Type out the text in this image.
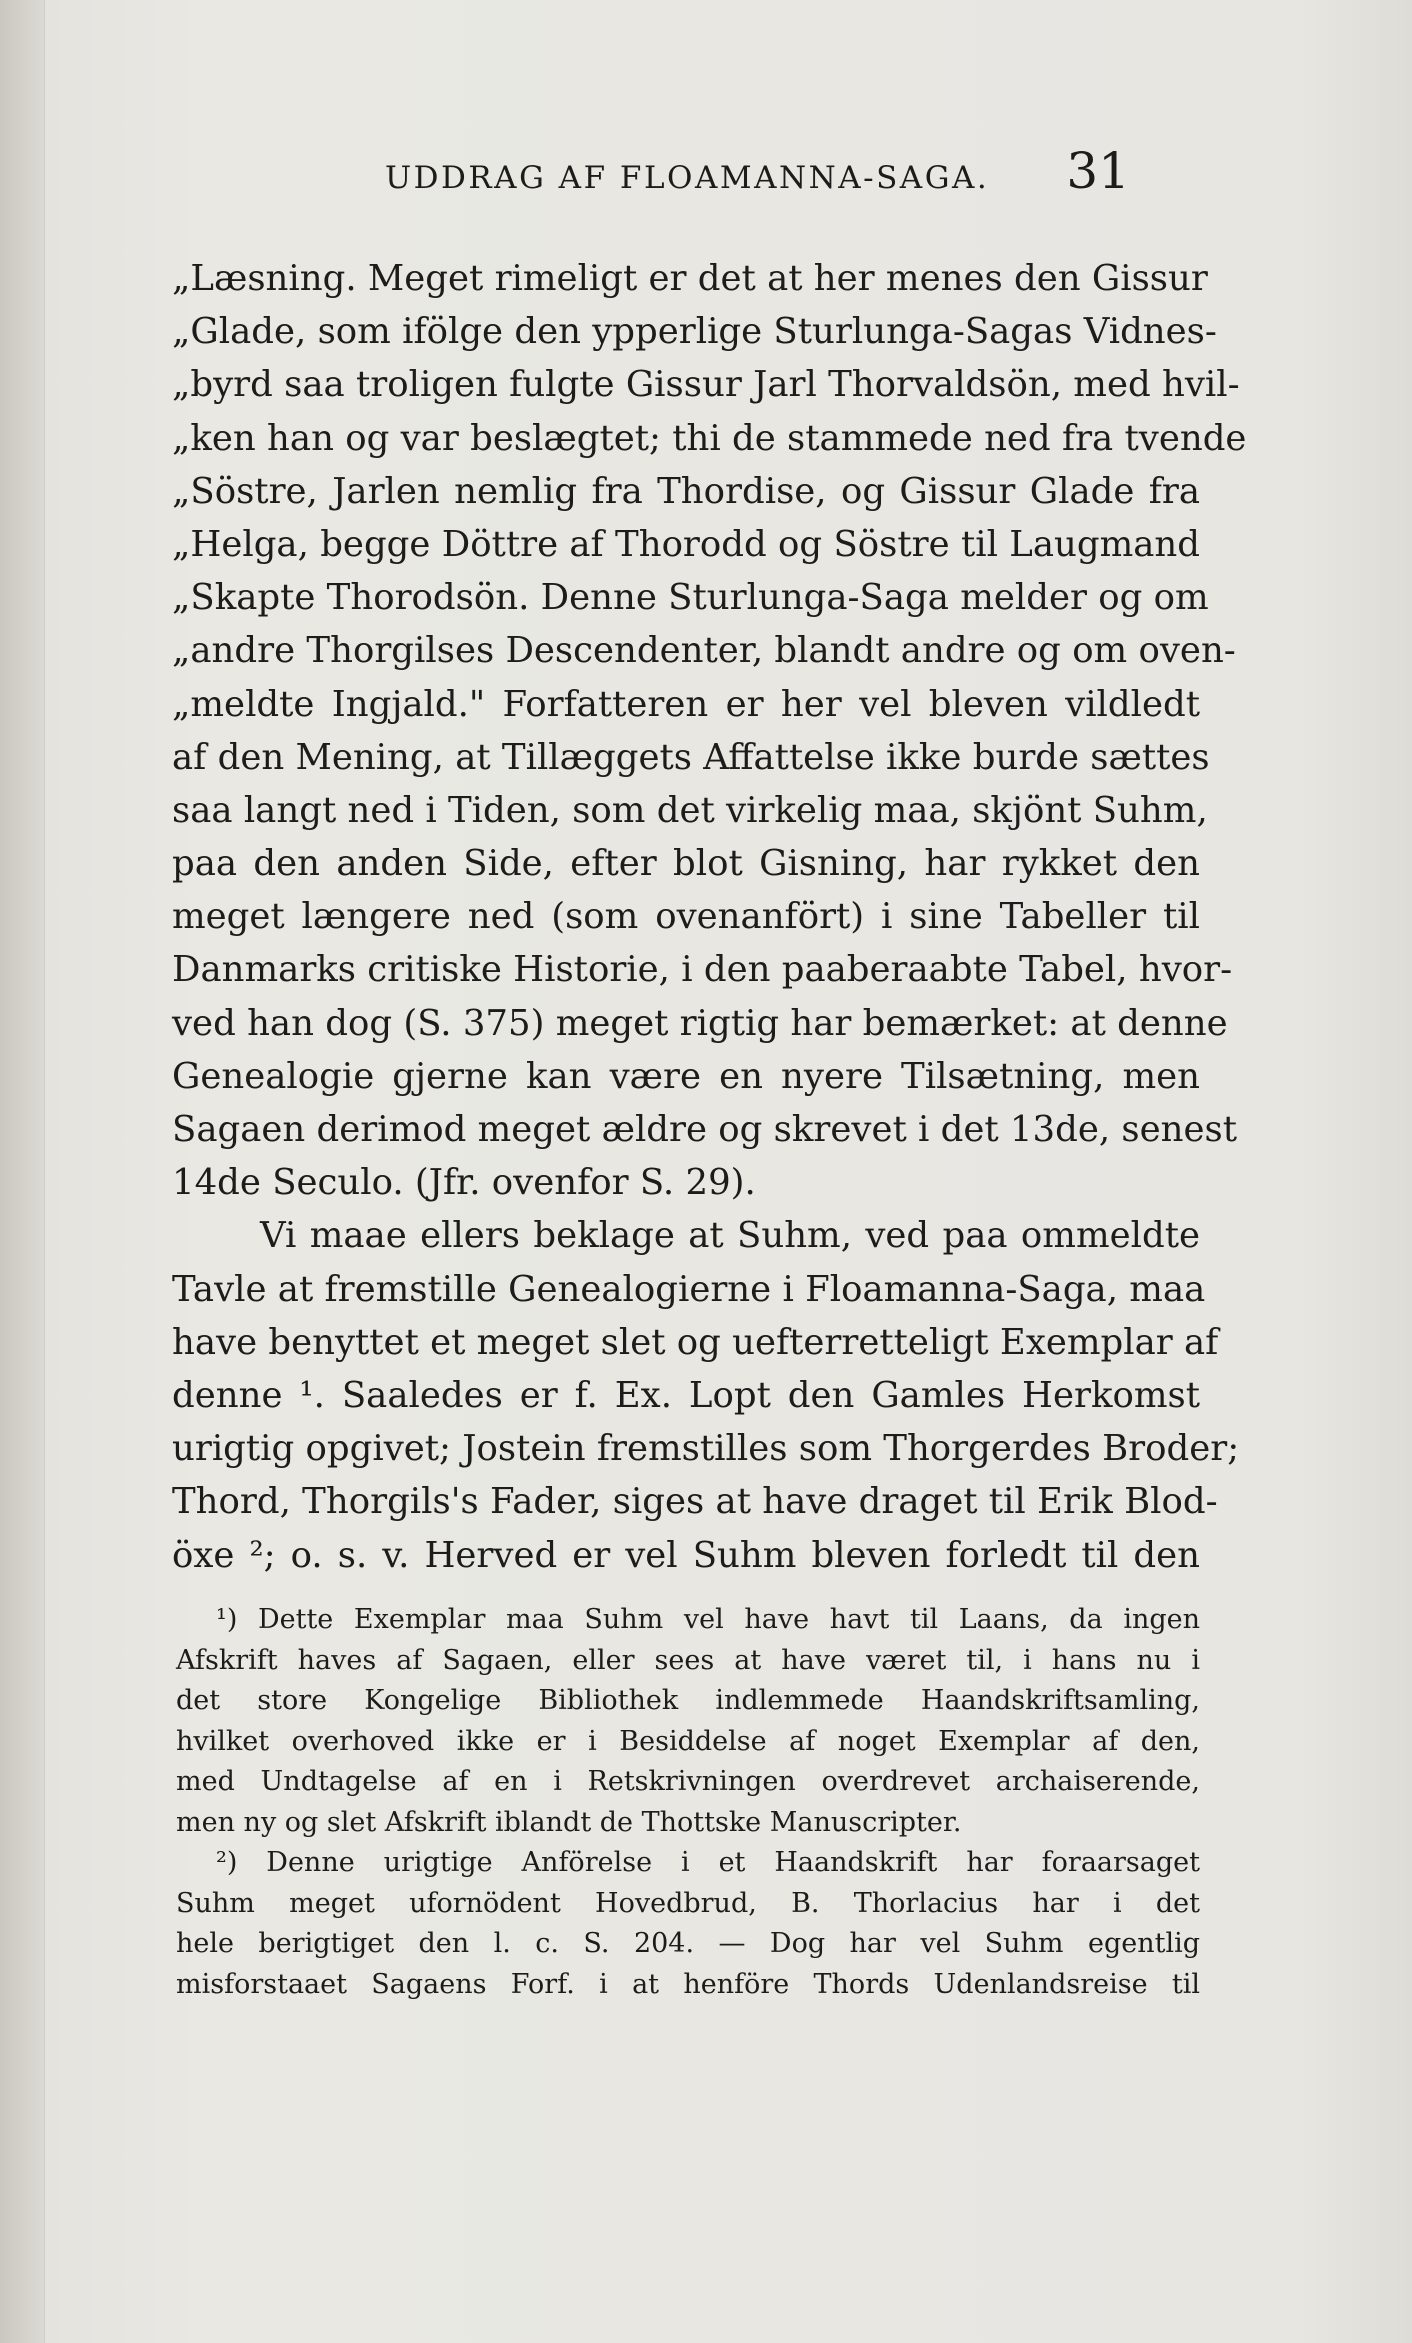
UDDRAG AF FLOAMANNA-SAGA. 31
„Læsning. Meget rimeligt er det at her menes den Gissur
„Glade, som ifölge den ypperlige Sturlunga-Sagas Vidnes-
„byrd saa troligen fulgte Gissur Jarl Thorvaldsön, med hvil-
„ken han og var beslægtet; thi de stammede ned fra tvende
„Söstre, Jarlen nemlig fra Thordise, og Gissur Glade fra
„Helga, begge Döttre af Thorodd og Söstre til Laugmand
„Skapte Thorodsön. Denne Sturlunga-Saga melder og om
„andre Thorgilses Descendenter, blandt andre og om oven-
„meldte Ingjald." Forfatteren er her vel bleven vildledt
af den Mening, at Tillæggets Affattelse ikke burde sættes
saa langt ned i Tiden, som det virkelig maa, skjönt Suhm,
paa den anden Side, efter blot Gisning, har rykket den
meget længere ned (som ovenanfört) i sine Tabeller til
Danmarks critiske Historie, i den paaberaabte Tabel, hvor-
ved han dog (S. 375) meget rigtig har bemærket: at denne
Genealogie gjerne kan være en nyere Tilsætning, men
Sagaen derimod meget ældre og skrevet i det 13de, senest
14de Seculo. (Jfr. ovenfor S. 29).
Vi maae ellers beklage at Suhm, ved paa ommeldte
Tavle at fremstille Genealogierne i Floamanna-Saga, maa
have benyttet et meget slet og uefterretteligt Exemplar af
denne ¹. Saaledes er f. Ex. Lopt den Gamles Herkomst
urigtig opgivet; Jostein fremstilles som Thorgerdes Broder;
Thord, Thorgils's Fader, siges at have draget til Erik Blod-
öxe ²; o. s. v. Herved er vel Suhm bleven forledt til den
¹) Dette Exemplar maa Suhm vel have havt til Laans, da ingen
Afskrift haves af Sagaen, eller sees at have været til, i hans nu i
det store Kongelige Bibliothek indlemmede Haandskriftsamling,
hvilket overhoved ikke er i Besiddelse af noget Exemplar af den,
med Undtagelse af en i Retskrivningen overdrevet archaiserende,
men ny og slet Afskrift iblandt de Thottske Manuscripter.
²) Denne urigtige Anförelse i et Haandskrift har foraarsaget
Suhm meget ufornödent Hovedbrud, B. Thorlacius har i det
hele berigtiget den l. c. S. 204. — Dog har vel Suhm egentlig
misforstaaet Sagaens Forf. i at henföre Thords Udenlandsreise til
